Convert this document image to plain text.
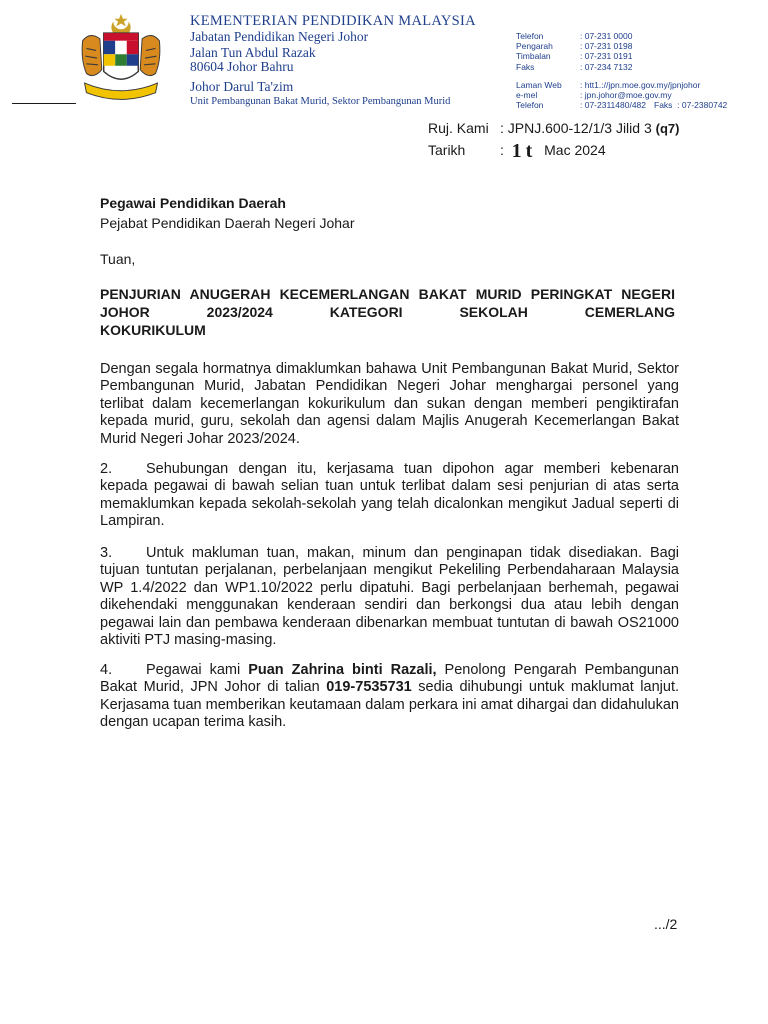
KEMENTERIAN PENDIDIKAN MALAYSIA
Jabatan Pendidikan Negeri Johor
Jalan Tun Abdul Razak
80604 Johor Bahru
Johor Darul Ta'zim
Unit Pembangunan Bakat Murid, Sektor Pembangunan Murid
Telefon	: 07-231 0000
Pengarah	: 07-231 0198
Timbalan	: 07-231 0191
Faks	: 07-234 7132
Laman Web : htt1.://jpn.moe.gov.my/jpnjohor
e-mel	: jpn.johor@moe.gov.my
Telefon	: 07-2311480/482 Faks : 07-2380742
Ruj. Kami : JPNJ.600-12/1/3 Jilid 3 (q7)
Tarikh : 1t Mac 2024
Pegawai Pendidikan Daerah
Pejabat Pendidikan Daerah Negeri Johar
Tuan,
PENJURIAN ANUGERAH KECEMERLANGAN BAKAT MURID PERINGKAT NEGERI JOHOR 2023/2024 KATEGORI SEKOLAH CEMERLANG
KOKURIKULUM
Dengan segala hormatnya dimaklumkan bahawa Unit Pembangunan Bakat Murid, Sektor Pembangunan Murid, Jabatan Pendidikan Negeri Johar menghargai personel yang terlibat dalam kecemerlangan kokurikulum dan sukan dengan memberi pengiktirafan kepada murid, guru, sekolah dan agensi dalam Majlis Anugerah Kecemerlangan Bakat Murid Negeri Johar 2023/2024.
2. Sehubungan dengan itu, kerjasama tuan dipohon agar memberi kebenaran kepada pegawai di bawah selian tuan untuk terlibat dalam sesi penjurian di atas serta memaklumkan kepada sekolah-sekolah yang telah dicalonkan mengikut Jadual seperti di Lampiran.
3. Untuk makluman tuan, makan, minum dan penginapan tidak disediakan. Bagi tujuan tuntutan perjalanan, perbelanjaan mengikut Pekeliling Perbendaharaan Malaysia WP 1.4/2022 dan WP1.10/2022 perlu dipatuhi. Bagi perbelanjaan berhemah, pegawai dikehendaki menggunakan kenderaan sendiri dan berkongsi dua atau lebih dengan pegawai lain dan pembawa kenderaan dibenarkan membuat tuntutan di bawah OS21000 aktiviti PTJ masing-masing.
4. Pegawai kami Puan Zahrina binti Razali, Penolong Pengarah Pembangunan Bakat Murid, JPN Johor di talian 019-7535731 sedia dihubungi untuk maklumat lanjut. Kerjasama tuan memberikan keutamaan dalam perkara ini amat dihargai dan didahulukan dengan ucapan terima kasih.
.../2
